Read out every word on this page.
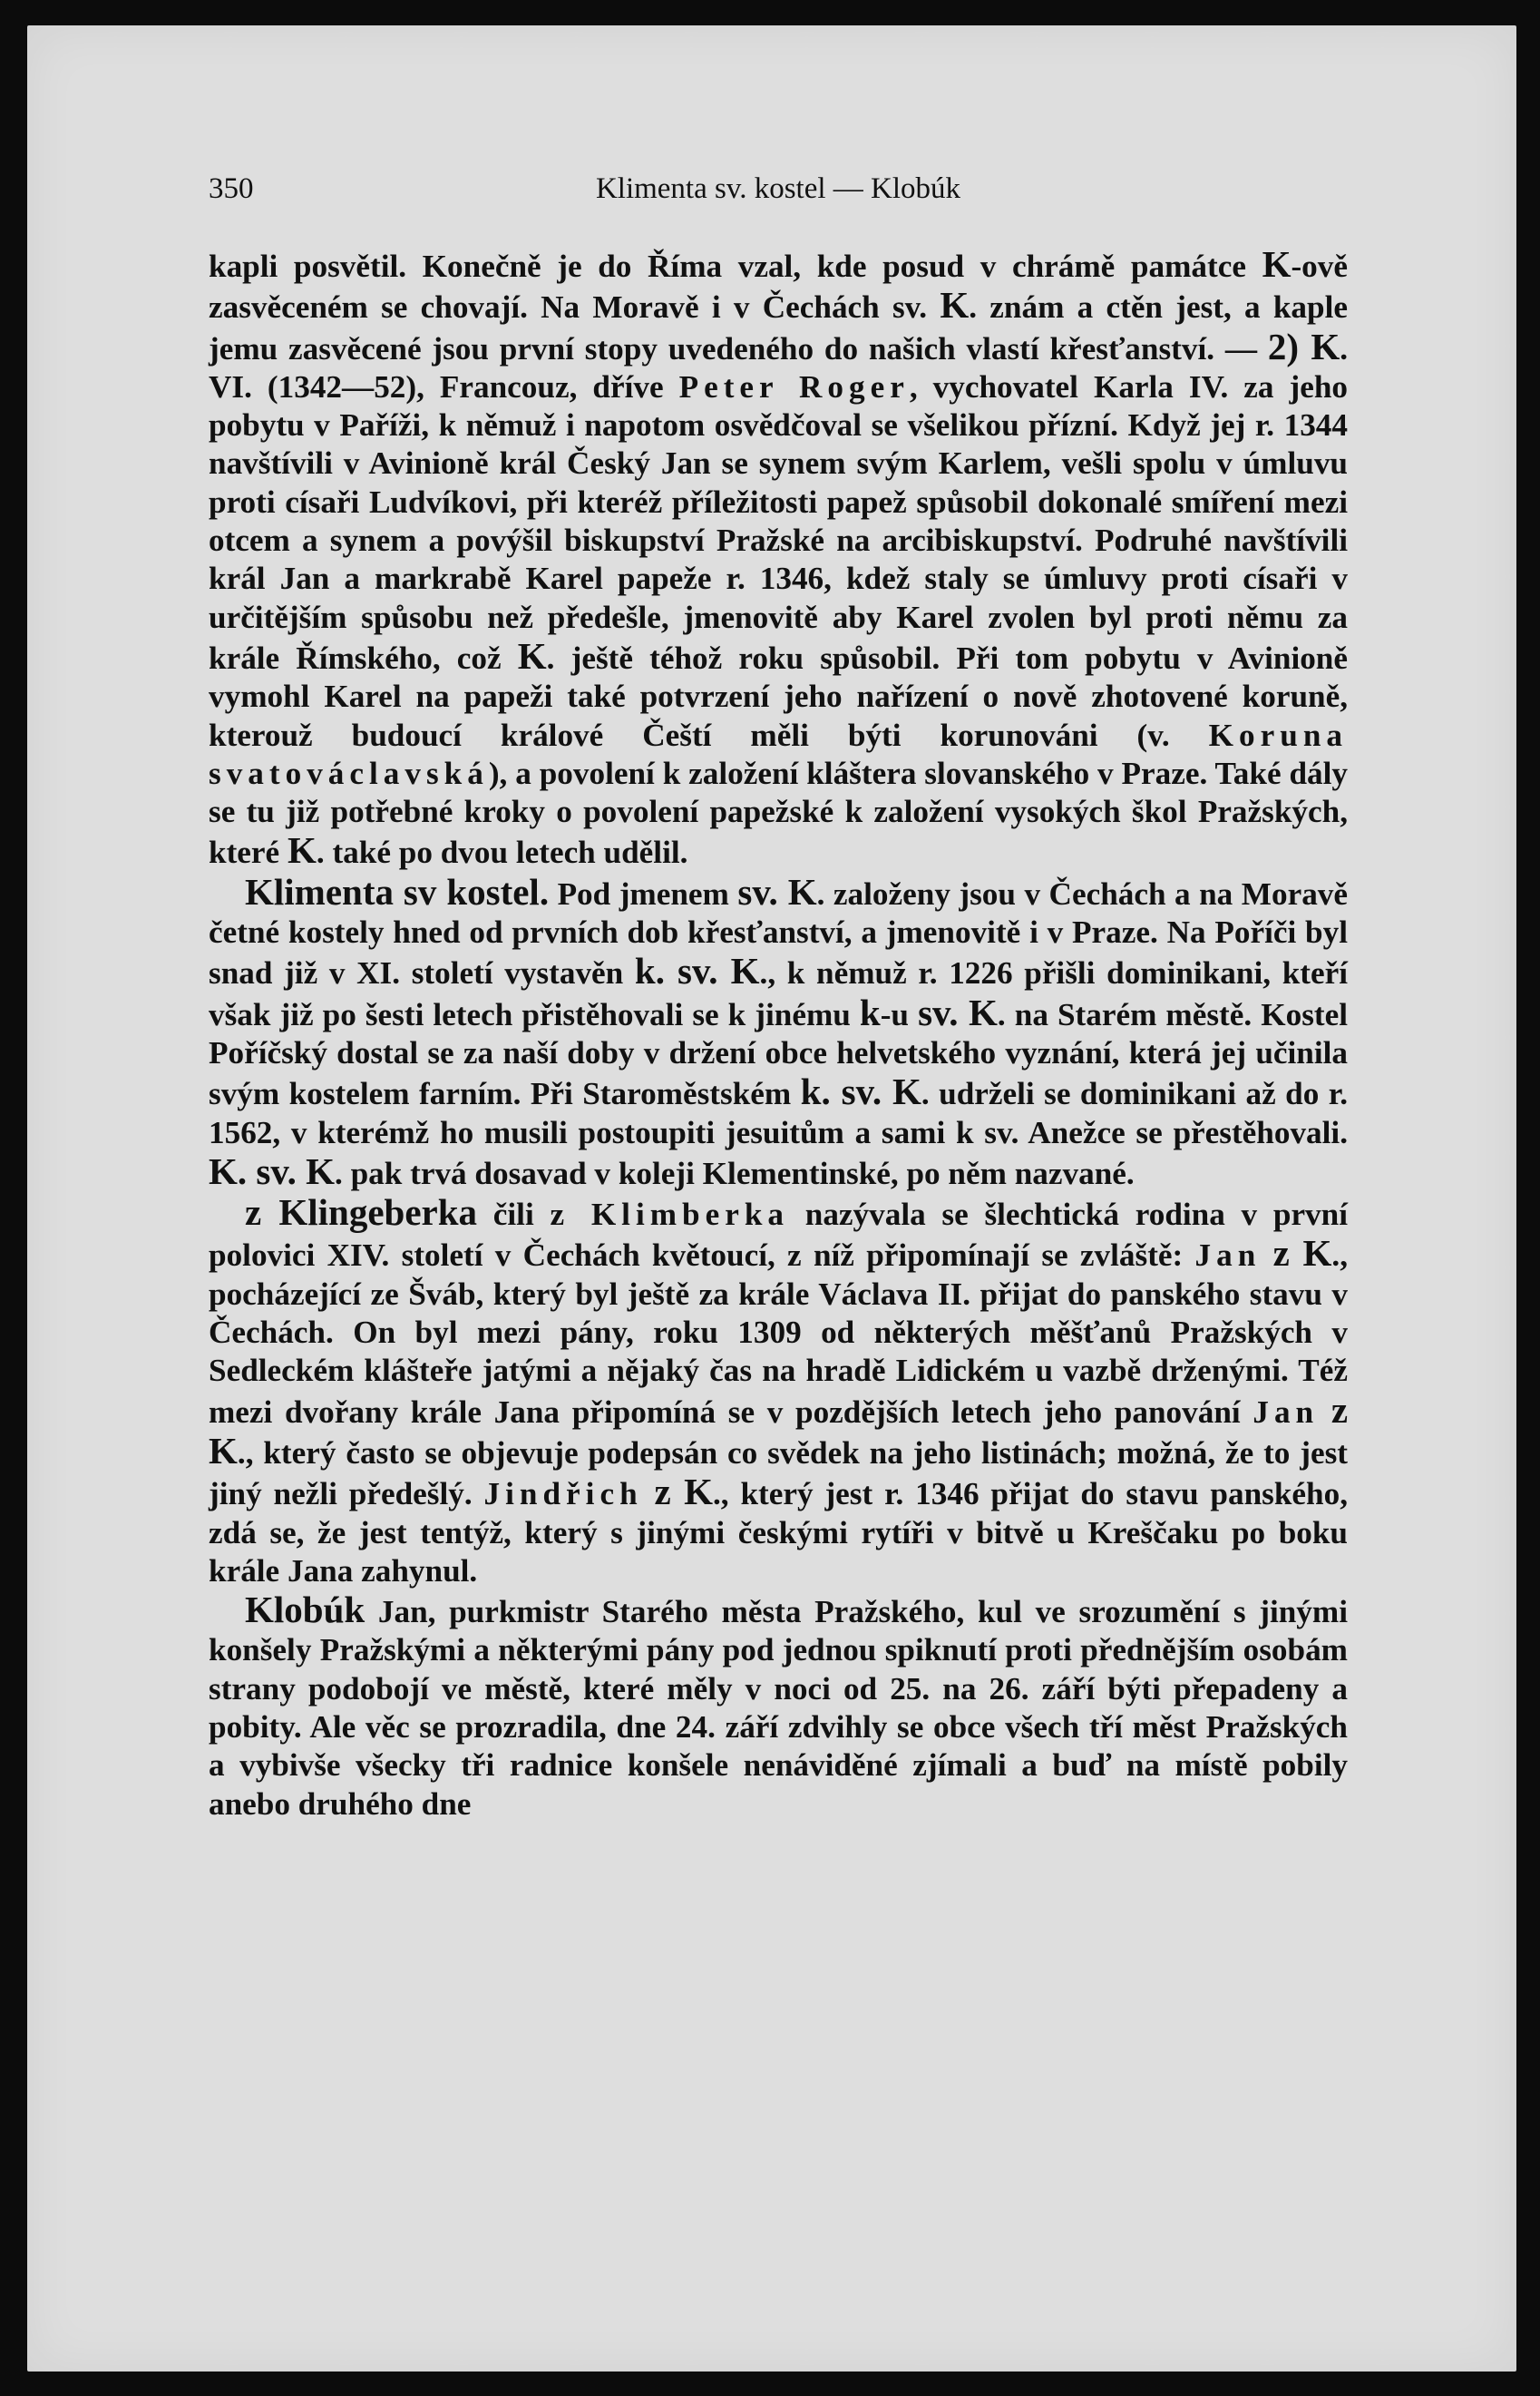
350	Klimenta sv. kostel — Klobúk

kapli posvětil. Konečně je do Říma vzal, kde posud v chrámě památce K-ově zasvěceném se chovají. Na Moravě i v Čechách sv. K. znám a ctěn jest, a kaple jemu zasvěcené jsou první stopy uvedeného do našich vlastí křesťanství. — 2) K. VI. (1342—52), Francouz, dříve Peter Roger, vychovatel Karla IV. za jeho pobytu v Paříži, k němuž i napotom osvědčoval se všelikou přízní. Když jej r. 1344 navštívili v Avinioně král Český Jan se synem svým Karlem, vešli spolu v úmluvu proti císaři Ludvíkovi, při kteréž příležitosti papež spůsobil dokonalé smíření mezi otcem a synem a povýšil biskupství Pražské na arcibiskupství. Podruhé navštívili král Jan a markrabě Karel papeže r. 1346, kdež staly se úmluvy proti císaři v určitějším spůsobu než předešle, jmenovitě aby Karel zvolen byl proti němu za krále Římského, což K. ještě téhož roku spůsobil. Při tom pobytu v Avinioně vymohl Karel na papeži také potvrzení jeho nařízení o nově zhotovené koruně, kterouž budoucí králové Čeští měli býti korunováni (v. Koruna svatováclavská), a povolení k založení kláštera slovanského v Praze. Také dály se tu již potřebné kroky o povolení papežské k založení vysokých škol Pražských, které K. také po dvou letech udělil.

Klimenta sv kostel. Pod jmenem sv. K. založeny jsou v Čechách a na Moravě četné kostely hned od prvních dob křesťanství, a jmenovitě i v Praze. Na Poříči byl snad již v XI. století vystavěn k. sv. K., k němuž r. 1226 přišli dominikani, kteří však již po šesti letech přistěhovali se k jinému k-u sv. K. na Starém městě. Kostel Poříčský dostal se za naší doby v držení obce helvetského vyznání, která jej učinila svým kostelem farním. Při Staroměstském k. sv. K. udrželi se dominikani až do r. 1562, v kterémž ho musili postoupiti jesuitům a sami k sv. Anežce se přestěhovali. K. sv. K. pak trvá dosavad v koleji Klementinské, po něm nazvané.

z Klingeberka čili z Klimberka nazývala se šlechtická rodina v první polovici XIV. století v Čechách květoucí, z níž připomínají se zvláště: Jan z K., pocházející ze Šváb, který byl ještě za krále Václava II. přijat do panského stavu v Čechách. On byl mezi pány, roku 1309 od některých měšťanů Pražských v Sedleckém klášteře jatými a nějaký čas na hradě Lidickém u vazbě drženými. Též mezi dvořany krále Jana připomíná se v pozdějších letech jeho panování Jan z K., který často se objevuje podepsán co svědek na jeho listinách; možná, že to jest jiný nežli předešlý. Jindřich z K., který jest r. 1346 přijat do stavu panského, zdá se, že jest tentýž, který s jinými českými rytíři v bitvě u Kreščaku po boku krále Jana zahynul.

Klobúk Jan, purkmistr Starého města Pražského, kul ve srozumění s jinými konšely Pražskými a některými pány pod jednou spiknutí proti přednějším osobám strany podobojí ve městě, které měly v noci od 25. na 26. září býti přepadeny a pobity. Ale věc se prozradila, dne 24. září zdvihly se obce všech tří měst Pražských a vybivše všecky tři radnice konšele nenáviděné zjímali a buď na místě pobily anebo druhého dne
